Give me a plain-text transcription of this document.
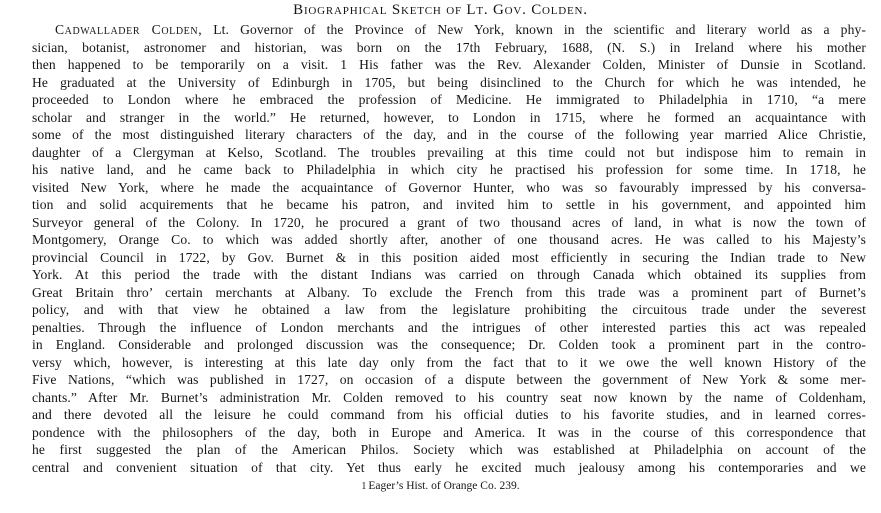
Biographical Sketch of Lt. Gov. Colden.
Cadwallader Colden, Lt. Governor of the Province of New York, known in the scientific and literary world as a phy-
sician, botanist, astronomer and historian, was born on the 17th February, 1688, (N. S.) in Ireland where his mother
then happened to be temporarily on a visit. 1 His father was the Rev. Alexander Colden, Minister of Dunsie in Scotland.
He graduated at the University of Edinburgh in 1705, but being disinclined to the Church for which he was intended, he
proceeded to London where he embraced the profession of Medicine. He immigrated to Philadelphia in 1710, “a mere
scholar and stranger in the world.” He returned, however, to London in 1715, where he formed an acquaintance with
some of the most distinguished literary characters of the day, and in the course of the following year married Alice Christie,
daughter of a Clergyman at Kelso, Scotland. The troubles prevailing at this time could not but indispose him to remain in
his native land, and he came back to Philadelphia in which city he practised his profession for some time. In 1718, he
visited New York, where he made the acquaintance of Governor Hunter, who was so favourably impressed by his conversa-
tion and solid acquirements that he became his patron, and invited him to settle in his government, and appointed him
Surveyor general of the Colony. In 1720, he procured a grant of two thousand acres of land, in what is now the town of
Montgomery, Orange Co. to which was added shortly after, another of one thousand acres. He was called to his Majesty’s
provincial Council in 1722, by Gov. Burnet & in this position aided most efficiently in securing the Indian trade to New
York. At this period the trade with the distant Indians was carried on through Canada which obtained its supplies from
Great Britain thro’ certain merchants at Albany. To exclude the French from this trade was a prominent part of Burnet’s
policy, and with that view he obtained a law from the legislature prohibiting the circuitous trade under the severest
penalties. Through the influence of London merchants and the intrigues of other interested parties this act was repealed
in England. Considerable and prolonged discussion was the consequence; Dr. Colden took a prominent part in the contro-
versy which, however, is interesting at this late day only from the fact that to it we owe the well known History of the
Five Nations, “which was published in 1727, on occasion of a dispute between the government of New York & some mer-
chants.” After Mr. Burnet’s administration Mr. Colden removed to his country seat now known by the name of Coldenham,
and there devoted all the leisure he could command from his official duties to his favorite studies, and in learned corres-
pondence with the philosophers of the day, both in Europe and America. It was in the course of this correspondence that
he first suggested the plan of the American Philos. Society which was established at Philadelphia on account of the
central and convenient situation of that city. Yet thus early he excited much jealousy among his contemporaries and we
1 Eager’s Hist. of Orange Co. 239.
